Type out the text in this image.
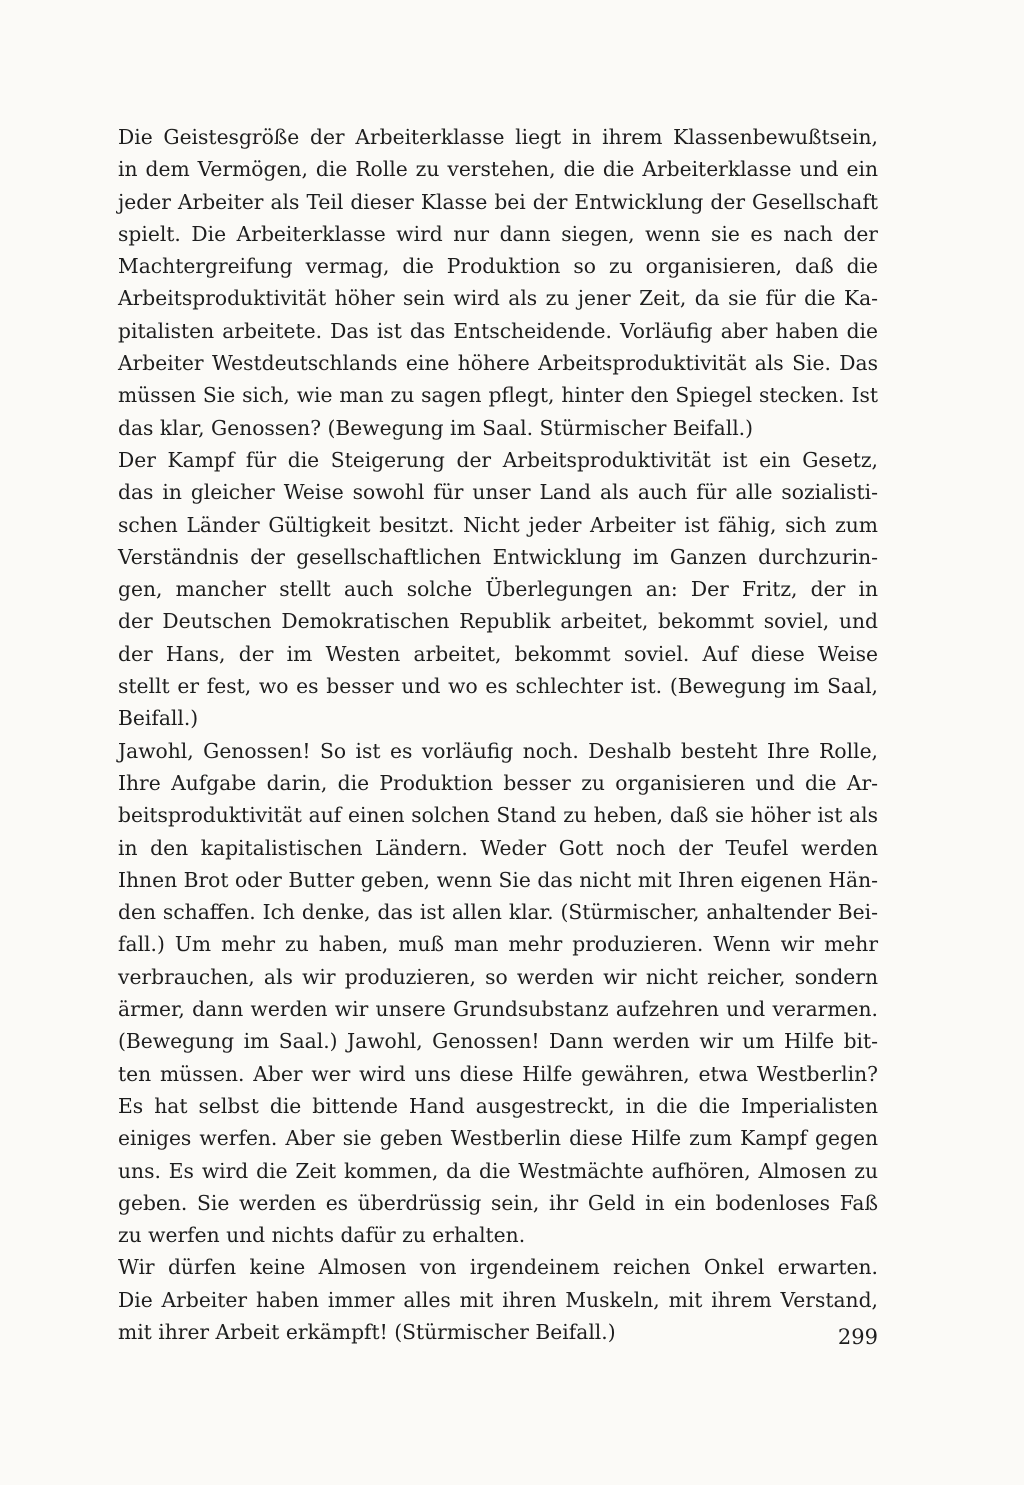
Die Geistesgröße der Arbeiterklasse liegt in ihrem Klassenbewußtsein,
in dem Vermögen, die Rolle zu verstehen, die die Arbeiterklasse und ein
jeder Arbeiter als Teil dieser Klasse bei der Entwicklung der Gesellschaft
spielt. Die Arbeiterklasse wird nur dann siegen, wenn sie es nach der
Machtergreifung vermag, die Produktion so zu organisieren, daß die
Arbeitsproduktivität höher sein wird als zu jener Zeit, da sie für die Ka-
pitalisten arbeitete. Das ist das Entscheidende. Vorläufig aber haben die
Arbeiter Westdeutschlands eine höhere Arbeitsproduktivität als Sie. Das
müssen Sie sich, wie man zu sagen pflegt, hinter den Spiegel stecken. Ist
das klar, Genossen? (Bewegung im Saal. Stürmischer Beifall.)
Der Kampf für die Steigerung der Arbeitsproduktivität ist ein Gesetz,
das in gleicher Weise sowohl für unser Land als auch für alle sozialisti-
schen Länder Gültigkeit besitzt. Nicht jeder Arbeiter ist fähig, sich zum
Verständnis der gesellschaftlichen Entwicklung im Ganzen durchzurin-
gen, mancher stellt auch solche Überlegungen an: Der Fritz, der in
der Deutschen Demokratischen Republik arbeitet, bekommt soviel, und
der Hans, der im Westen arbeitet, bekommt soviel. Auf diese Weise
stellt er fest, wo es besser und wo es schlechter ist. (Bewegung im Saal,
Beifall.)
Jawohl, Genossen! So ist es vorläufig noch. Deshalb besteht Ihre Rolle,
Ihre Aufgabe darin, die Produktion besser zu organisieren und die Ar-
beitsproduktivität auf einen solchen Stand zu heben, daß sie höher ist als
in den kapitalistischen Ländern. Weder Gott noch der Teufel werden
Ihnen Brot oder Butter geben, wenn Sie das nicht mit Ihren eigenen Hän-
den schaffen. Ich denke, das ist allen klar. (Stürmischer, anhaltender Bei-
fall.) Um mehr zu haben, muß man mehr produzieren. Wenn wir mehr
verbrauchen, als wir produzieren, so werden wir nicht reicher, sondern
ärmer, dann werden wir unsere Grundsubstanz aufzehren und verarmen.
(Bewegung im Saal.) Jawohl, Genossen! Dann werden wir um Hilfe bit-
ten müssen. Aber wer wird uns diese Hilfe gewähren, etwa Westberlin?
Es hat selbst die bittende Hand ausgestreckt, in die die Imperialisten
einiges werfen. Aber sie geben Westberlin diese Hilfe zum Kampf gegen
uns. Es wird die Zeit kommen, da die Westmächte aufhören, Almosen zu
geben. Sie werden es überdrüssig sein, ihr Geld in ein bodenloses Faß
zu werfen und nichts dafür zu erhalten.
Wir dürfen keine Almosen von irgendeinem reichen Onkel erwarten.
Die Arbeiter haben immer alles mit ihren Muskeln, mit ihrem Verstand,
mit ihrer Arbeit erkämpft! (Stürmischer Beifall.)	299
